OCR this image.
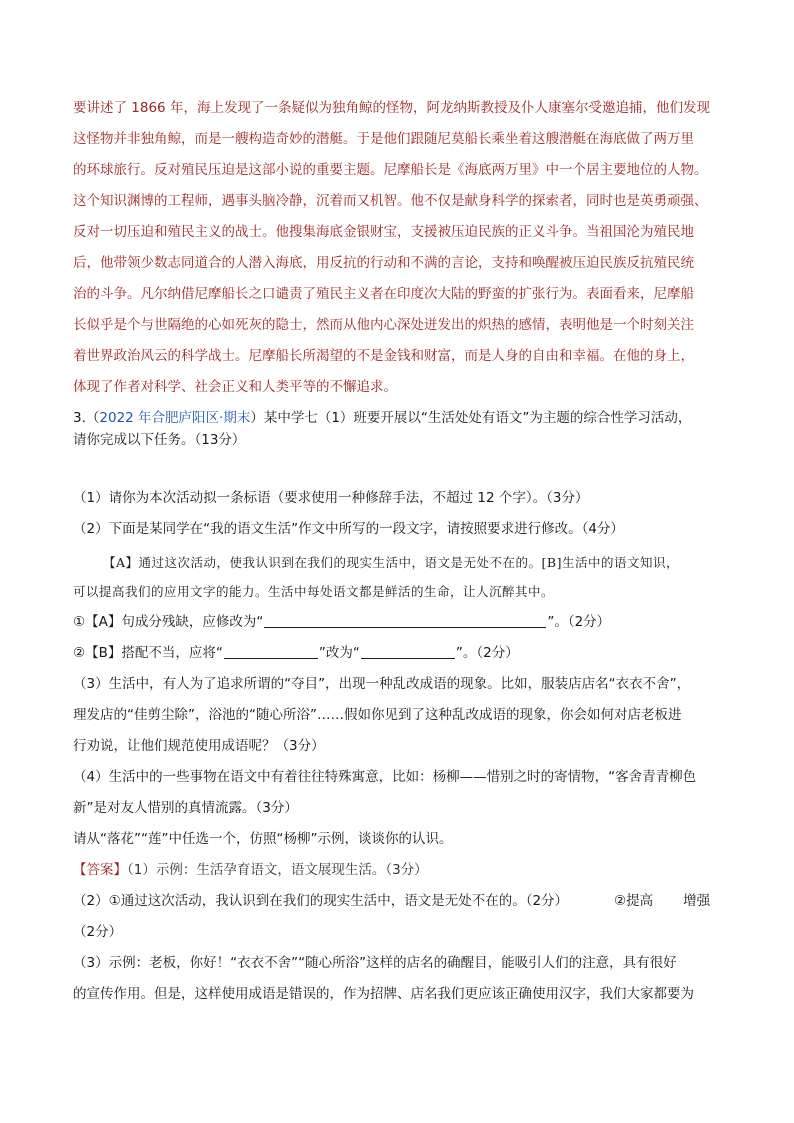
要讲述了 1866 年，海上发现了一条疑似为独角鲸的怪物，阿龙纳斯教授及仆人康塞尔受邀追捕，他们发现
这怪物并非独角鲸，而是一艘构造奇妙的潜艇。于是他们跟随尼莫船长乘坐着这艘潜艇在海底做了两万里
的环球旅行。反对殖民压迫是这部小说的重要主题。尼摩船长是《海底两万里》中一个居主要地位的人物。
这个知识渊博的工程师，遇事头脑冷静，沉着而又机智。他不仅是献身科学的探索者，同时也是英勇顽强、
反对一切压迫和殖民主义的战士。他搜集海底金银财宝，支援被压迫民族的正义斗争。当祖国沦为殖民地
后，他带领少数志同道合的人潜入海底，用反抗的行动和不满的言论，支持和唤醒被压迫民族反抗殖民统
治的斗争。凡尔纳借尼摩船长之口谴责了殖民主义者在印度次大陆的野蛮的扩张行为。表面看来，尼摩船
长似乎是个与世隔绝的心如死灰的隐士，然而从他内心深处迸发出的炽热的感情，表明他是一个时刻关注
着世界政治风云的科学战士。尼摩船长所渴望的不是金钱和财富，而是人身的自由和幸福。在他的身上，
体现了作者对科学、社会正义和人类平等的不懈追求。
3.（2022 年合肥庐阳区·期末）某中学七（1）班要开展以“生活处处有语文”为主题的综合性学习活动，
请你完成以下任务。（13分）
（1）请你为本次活动拟一条标语（要求使用一种修辞手法，不超过 12 个字）。（3分）
（2）下面是某同学在“我的语文生活”作文中所写的一段文字，请按照要求进行修改。（4分）
【A】通过这次活动，使我认识到在我们的现实生活中，语文是无处不在的。[B]生活中的语文知识，
可以提高我们的应用文字的能力。生活中每处语文都是鲜活的生命，让人沉醉其中。
①【A】句成分残缺，应修改为“	”。（2分）
②【B】搭配不当，应将“	”改为“	”。（2分）
（3）生活中，有人为了追求所谓的“夺目”，出现一种乱改成语的现象。比如，服装店店名“衣衣不舍”，
理发店的“佳剪尘除”，浴池的“随心所浴”……假如你见到了这种乱改成语的现象，你会如何对店老板进
行劝说，让他们规范使用成语呢？（3分）
（4）生活中的一些事物在语文中有着往往特殊寓意，比如：杨柳——惜别之时的寄情物，“客舍青青柳色
新”是对友人惜别的真情流露。（3分）
请从“落花”“莲”中任选一个，仿照“杨柳”示例，谈谈你的认识。
【答案】（1）示例：生活孕育语文，语文展现生活。（3分）
（2）①通过这次活动，我认识到在我们的现实生活中，语文是无处不在的。（2分）	②提高 增强
（2分）
（3）示例：老板，你好！“衣衣不舍”“随心所浴”这样的店名的确醒目，能吸引人们的注意，具有很好
的宣传作用。但是，这样使用成语是错误的，作为招牌、店名我们更应该正确使用汉字，我们大家都要为
